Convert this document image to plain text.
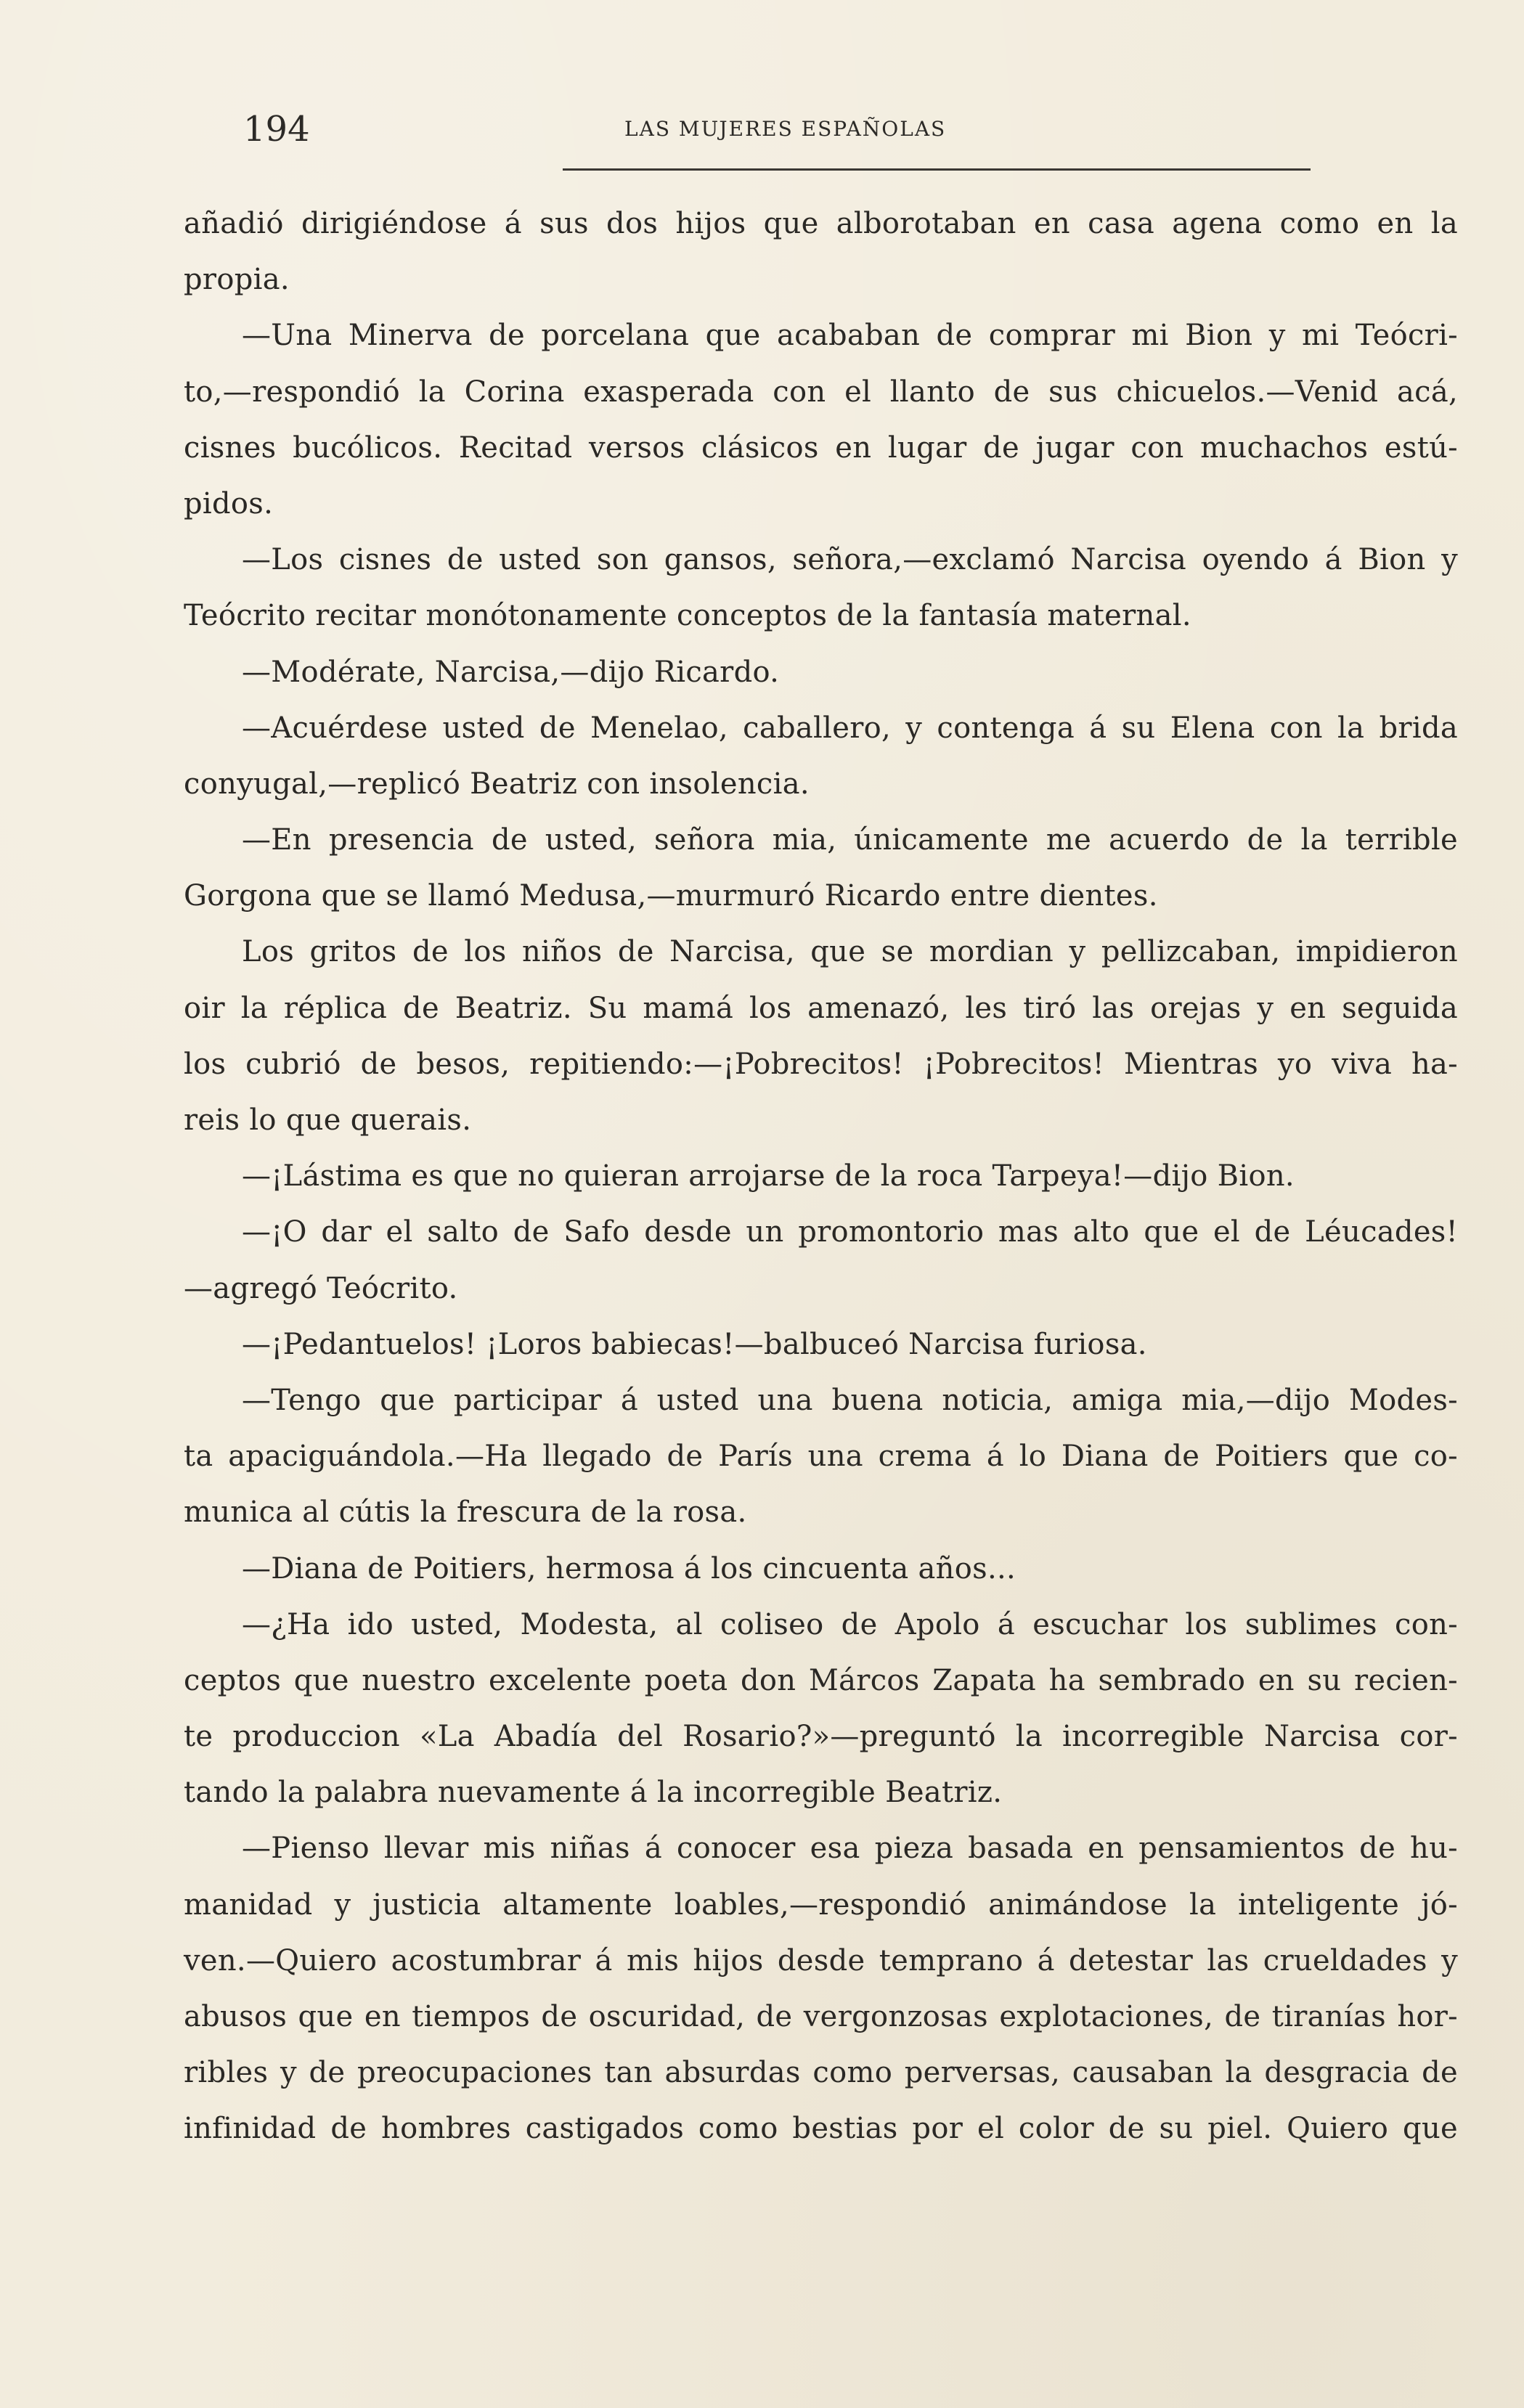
194	LAS MUJERES ESPAÑOLAS
añadió dirigiéndose á sus dos hijos que alborotaban en casa agena como en la
propia.
—Una Minerva de porcelana que acababan de comprar mi Bion y mi Teócri-
to,—respondió la Corina exasperada con el llanto de sus chicuelos.—Venid acá,
cisnes bucólicos. Recitad versos clásicos en lugar de jugar con muchachos estú-
pidos.
—Los cisnes de usted son gansos, señora,—exclamó Narcisa oyendo á Bion y
Teócrito recitar monótonamente conceptos de la fantasía maternal.
—Modérate, Narcisa,—dijo Ricardo.
—Acuérdese usted de Menelao, caballero, y contenga á su Elena con la brida
conyugal,—replicó Beatriz con insolencia.
—En presencia de usted, señora mia, únicamente me acuerdo de la terrible
Gorgona que se llamó Medusa,—murmuró Ricardo entre dientes.
Los gritos de los niños de Narcisa, que se mordian y pellizcaban, impidieron
oir la réplica de Beatriz. Su mamá los amenazó, les tiró las orejas y en seguida
los cubrió de besos, repitiendo:—¡Pobrecitos! ¡Pobrecitos! Mientras yo viva ha-
reis lo que querais.
—¡Lástima es que no quieran arrojarse de la roca Tarpeya!—dijo Bion.
—¡O dar el salto de Safo desde un promontorio mas alto que el de Léucades!
—agregó Teócrito.
—¡Pedantuelos! ¡Loros babiecas!—balbuceó Narcisa furiosa.
—Tengo que participar á usted una buena noticia, amiga mia,—dijo Modes-
ta apaciguándola.—Ha llegado de París una crema á lo Diana de Poitiers que co-
munica al cútis la frescura de la rosa.
—Diana de Poitiers, hermosa á los cincuenta años...
—¿Ha ido usted, Modesta, al coliseo de Apolo á escuchar los sublimes con-
ceptos que nuestro excelente poeta don Márcos Zapata ha sembrado en su recien-
te produccion «La Abadía del Rosario?»—preguntó la incorregible Narcisa cor-
tando la palabra nuevamente á la incorregible Beatriz.
—Pienso llevar mis niñas á conocer esa pieza basada en pensamientos de hu-
manidad y justicia altamente loables,—respondió animándose la inteligente jó-
ven.—Quiero acostumbrar á mis hijos desde temprano á detestar las crueldades y
abusos que en tiempos de oscuridad, de vergonzosas explotaciones, de tiranías hor-
ribles y de preocupaciones tan absurdas como perversas, causaban la desgracia de
infinidad de hombres castigados como bestias por el color de su piel. Quiero que
